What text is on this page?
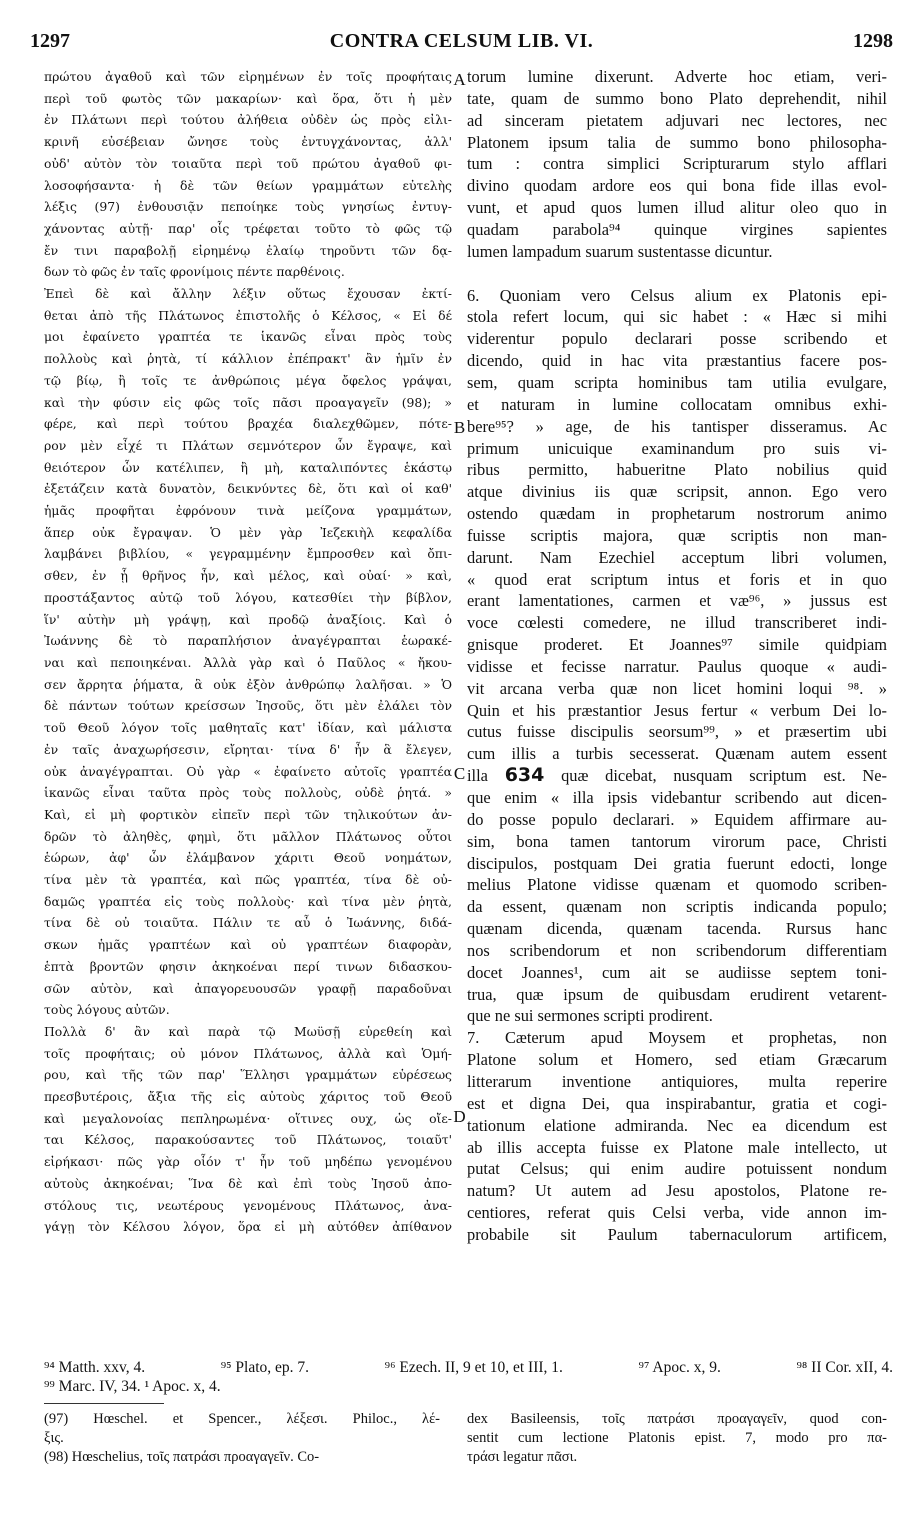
1297	CONTRA CELSUM LIB. VI.	1298
πρώτου ἀγαθοῦ καὶ τῶν εἰρημένων ἐν τοῖς προφήταις
περὶ τοῦ φωτὸς τῶν μακαρίων· καὶ ὅρα, ὅτι ἡ μὲν
ἐν Πλάτωνι περὶ τούτου ἀλήθεια οὐδὲν ὡς πρὸς εἰλι-
κρινῆ εὐσέβειαν ὤνησε τοὺς ἐντυγχάνοντας, ἀλλ'
οὐδ' αὐτὸν τὸν τοιαῦτα περὶ τοῦ πρώτου ἀγαθοῦ φι-
λοσοφήσαντα· ἡ δὲ τῶν θείων γραμμάτων εὐτελὴς
λέξις (97) ἐνθουσιᾷν πεποίηκε τοὺς γνησίως ἐντυγ-
χάνοντας αὐτῇ· παρ' οἷς τρέφεται τοῦτο τὸ φῶς τῷ
ἔν τινι παραβολῇ εἰρημένῳ ἐλαίῳ τηροῦντι τῶν δᾳ-
δων τὸ φῶς ἐν ταῖς φρονίμοις πέντε παρθένοις.
Ἐπεὶ δὲ καὶ ἄλλην λέξιν οὕτως ἔχουσαν ἐκτί-
θεται ἀπὸ τῆς Πλάτωνος ἐπιστολῆς ὁ Κέλσος, « Εἰ δέ
μοι ἐφαίνετο γραπτέα τε ἱκανῶς εἶναι πρὸς τοὺς
πολλοὺς καὶ ῥητὰ, τί κάλλιον ἐπέπρακτ' ἂν ἡμῖν ἐν
τῷ βίῳ, ἢ τοῖς τε ἀνθρώποις μέγα ὄφελος γράψαι,
καὶ τὴν φύσιν εἰς φῶς τοῖς πᾶσι προαγαγεῖν (98); »
φέρε, καὶ περὶ τούτου βραχέα διαλεχθῶμεν, πότε-
ρον μὲν εἶχέ τι Πλάτων σεμνότερον ὧν ἔγραψε, καὶ
θειότερον ὧν κατέλιπεν, ἢ μὴ, καταλιπόντες ἑκάστῳ
ἐξετάζειν κατὰ δυνατὸν, δεικνύντες δὲ, ὅτι καὶ οἱ καθ'
ἡμᾶς προφῆται ἐφρόνουν τινὰ μείζονα γραμμάτων,
ἅπερ οὐκ ἔγραψαν. Ὁ μὲν γὰρ Ἰεζεκιὴλ κεφαλίδα
λαμβάνει βιβλίου, « γεγραμμένην ἔμπροσθεν καὶ ὄπι-
σθεν, ἐν ᾗ θρῆνος ἦν, καὶ μέλος, καὶ οὐαί· » καὶ,
προστάξαντος αὐτῷ τοῦ λόγου, κατεσθίει τὴν βίβλον,
ἵν' αὐτὴν μὴ γράψῃ, καὶ προδῷ ἀναξίοις. Καὶ ὁ
Ἰωάννης δὲ τὸ παραπλήσιον ἀναγέγραπται ἑωρακέ-
ναι καὶ πεποιηκέναι. Ἀλλὰ γὰρ καὶ ὁ Παῦλος « ἤκου-
σεν ἄρρητα ῥήματα, ἃ οὐκ ἐξὸν ἀνθρώπῳ λαλῆσαι. » Ὁ
δὲ πάντων τούτων κρείσσων Ἰησοῦς, ὅτι μὲν ἐλάλει τὸν
τοῦ Θεοῦ λόγον τοῖς μαθηταῖς κατ' ἰδίαν, καὶ μάλιστα
ἐν ταῖς ἀναχωρήσεσιν, εἴρηται· τίνα δ' ἦν ἃ ἔλεγεν,
οὐκ ἀναγέγραπται. Οὐ γὰρ « ἐφαίνετο αὐτοῖς γραπτέα
ἱκανῶς εἶναι ταῦτα πρὸς τοὺς πολλοὺς, οὐδὲ ῥητά. »
Καὶ, εἰ μὴ φορτικὸν εἰπεῖν περὶ τῶν τηλικούτων ἀν-
δρῶν τὸ ἀληθὲς, φημὶ, ὅτι μᾶλλον Πλάτωνος οὗτοι
ἑώρων, ἀφ' ὧν ἐλάμβανον χάριτι Θεοῦ νοημάτων,
τίνα μὲν τὰ γραπτέα, καὶ πῶς γραπτέα, τίνα δὲ οὐ-
δαμῶς γραπτέα εἰς τοὺς πολλοὺς· καὶ τίνα μὲν ῥητὰ,
τίνα δὲ οὐ τοιαῦτα. Πάλιν τε αὖ ὁ Ἰωάννης, διδά-
σκων ἡμᾶς γραπτέων καὶ οὐ γραπτέων διαφορὰν,
ἑπτὰ βροντῶν φησιν ἀκηκοέναι περί τινων διδασκου-
σῶν αὐτὸν, καὶ ἀπαγορευουσῶν γραφῇ παραδοῦναι
τοὺς λόγους αὐτῶν.
Πολλὰ δ' ἂν καὶ παρὰ τῷ Μωϋσῇ εὑρεθείη καὶ
τοῖς προφήταις; οὐ μόνον Πλάτωνος, ἀλλὰ καὶ Ὁμή-
ρου, καὶ τῆς τῶν παρ' Ἕλλησι γραμμάτων εὑρέσεως
πρεσβυτέροις, ἄξια τῆς εἰς αὐτοὺς χάριτος τοῦ Θεοῦ
καὶ μεγαλονοίας πεπληρωμένα· οἵτινες ουχ, ὡς οἴε-
ται Κέλσος, παρακούσαντες τοῦ Πλάτωνος, τοιαῦτ'
εἰρήκασι· πῶς γὰρ οἷόν τ' ἦν τοῦ μηδέπω γενομένου
αὐτοὺς ἀκηκοέναι; Ἵνα δὲ καὶ ἐπὶ τοὺς Ἰησοῦ ἀπο-
στόλους τις, νεωτέρους γενομένους Πλάτωνος, ἀνα-
γάγῃ τὸν Κέλσου λόγον, ὅρα εἰ μὴ αὐτόθεν ἀπίθανον
torum lumine dixerunt. Adverte hoc etiam, veri-
tate, quam de summo bono Plato deprehendit, nihil
ad sinceram pietatem adjuvari nec lectores, nec
Platonem ipsum talia de summo bono philosopha-
tum : contra simplici Scripturarum stylo afflari
divino quodam ardore eos qui bona fide illas evol-
vunt, et apud quos lumen illud alitur oleo quo in
quadam parabola⁹⁴ quinque virgines sapientes
lumen lampadum suarum sustentasse dicuntur.
6. Quoniam vero Celsus alium ex Platonis epi-
stola refert locum, qui sic habet : « Hæc si mihi
viderentur populo declarari posse scribendo et
dicendo, quid in hac vita præstantius facere pos-
sem, quam scripta hominibus tam utilia evulgare,
et naturam in lumine collocatam omnibus exhi-
bere⁹⁵? » age, de his tantisper disseramus. Ac
primum unicuique examinandum pro suis vi-
ribus permitto, habueritne Plato nobilius quid
atque divinius iis quæ scripsit, annon. Ego vero
ostendo quædam in prophetarum nostrorum animo
fuisse scriptis majora, quæ scriptis non man-
darunt. Nam Ezechiel acceptum libri volumen,
« quod erat scriptum intus et foris et in quo
erant lamentationes, carmen et væ⁹⁶, » jussus est
voce cœlesti comedere, ne illud transcriberet indi-
gnisque proderet. Et Joannes⁹⁷ simile quidpiam
vidisse et fecisse narratur. Paulus quoque « audi-
vit arcana verba quæ non licet homini loqui ⁹⁸. »
Quin et his præstantior Jesus fertur « verbum Dei lo-
cutus fuisse discipulis seorsum⁹⁹, » et præsertim ubi
cum illis a turbis secesserat. Quænam autem essent
illa 634 quæ dicebat, nusquam scriptum est. Ne-
que enim « illa ipsis videbantur scribendo aut dicen-
do posse populo declarari. » Equidem affirmare au-
sim, bona tamen tantorum virorum pace, Christi
discipulos, postquam Dei gratia fuerunt edocti, longe
melius Platone vidisse quænam et quomodo scriben-
da essent, quænam non scriptis indicanda populo;
quænam dicenda, quænam tacenda. Rursus hanc
nos scribendorum et non scribendorum differentiam
docet Joannes¹, cum ait se audiisse septem toni-
trua, quæ ipsum de quibusdam erudirent vetarent-
que ne sui sermones scripti prodirent.
7. Cæterum apud Moysem et prophetas, non
Platone solum et Homero, sed etiam Græcarum
litterarum inventione antiquiores, multa reperire
est et digna Dei, qua inspirabantur, gratia et cogi-
tationum elatione admiranda. Nec ea dicendum est
ab illis accepta fuisse ex Platone male intellecto, ut
putat Celsus; qui enim audire potuissent nondum
natum? Ut autem ad Jesu apostolos, Platone re-
centiores, referat quis Celsi verba, vide annon im-
probabile sit Paulum tabernaculorum artificem,
A
B
C
D
⁹⁴ Matth. xxv, 4.	⁹⁵ Plato, ep. 7.	⁹⁶ Ezech. II, 9 et 10, et III, 1.	⁹⁷ Apoc. x, 9.	⁹⁸ II Cor. xII, 4.
⁹⁹ Marc. IV, 34. ¹ Apoc. x, 4.
(97) Hœschel. et Spencer., λέξεσι. Philoc., λέ-
ξις.
(98) Hœschelius, τοῖς πατράσι προαγαγεῖν. Co-
dex Basileensis, τοῖς πατράσι προαγαγεῖν, quod con-
sentit cum lectione Platonis epist. 7, modo pro πα-
τράσι legatur πᾶσι.
